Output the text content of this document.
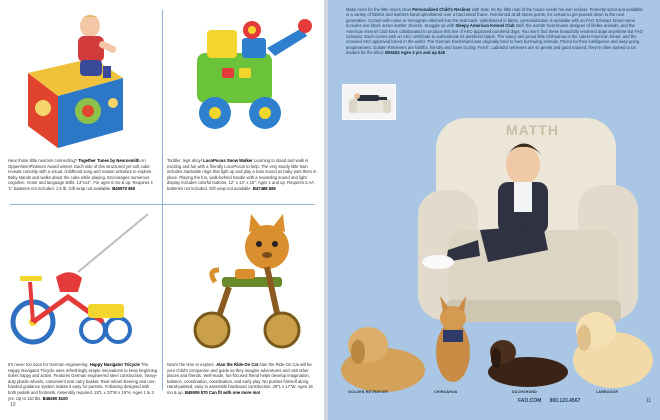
Hear those little neurons connecting? Together Tunes by Neurosmith An OppenheimPlatinum Award winner. Each side of this structured yet soft cube reveals curiosity with a visual, childhood song and reason activities to explore. Baby stands and walks about the cube while playing. Encourages numerous cognitive, motor and language skills. 13"x14". For ages 6 mo & up. Requires 4 'C' batteries not included. 1.5 lb. Gift wrap not available. B45570 $60
Toddler, legs ahoy! LocoPocus Snow Walker Learning to stand and walk is exciting and fun with a friendly LocoPocus to help. The very sturdy little train includes stackable rings that light up and play a train sound as baby puts them in place. Playing the fun, walk-behind handle with a rewarding sound and light display includes colorful buttons. 12" x 14" x 15". Ages 1 and up. Requires 3 AA batteries not included. Gift wrap not available. B47488 $65
It's never too soon for German engineering. Happy Navigator Tricycle The Happy Navigator Tricycle uses refreshingly simple innovations to keep beginning riders happy and active. Features German engineered steel construction, heavy-duty plastic wheels, convenient rear carry basket. Rear-wheel steering and one-handed guidance system makes it easy for parents. Following designed with both pedals and footrests. Assembly required. 18"L x 23"W x 19"H. Ages 1 to 3 yrs. Up to 110 lbs. B48490 $100
Now's the time to explore. Alan the Ride-On Cat Alan the Ride-On Cat will be your child's companion and guide as they imagine adventures and visit other places and friends. Well-made, fun-focused friend helps develop imagination, balance, coordination, coordination, and early play. No pushes himself along. Hand-painted, easy to assemble hardwood construction. 29"L x 17"W. Ages 18 mo & up. B49009 $70 Can fit with one more mo!
10
Make room for the little man's chair Personalized Child's Recliner with Sale. Its the little man of the house needs his own recliner. Perfectly sized and available in a variety of fabrics and leathers hand-upholstered over a hard wood frame. Reinforced at all stress points, it's certain to get passed down to the next generation. Comes with name or monogram stitched into the seat back. Upholstered in fabric, personalization is available with an FAO Schwarz brand name. Includes one fabric & two leather choices. Snuggle up with Sleepy American Kennel Club stuff, the worlds' best known designer of lifelike animals, and the American Kennel Club have collaborated to produce this line of AKC-approved purebred dogs. You won't find these beautifully rendered dogs anywhere but FAO Schwarz. Each comes with an AKC certificate to authenticate its purebred status. The saucy and proud little Chihuahua is the cutest American breed, and the crowned AKC-approved breed in the world. The German Dachshund was originally bred to hunt burrowing animals. Prized for their intelligence and easy-going temperament, Golden Retrievers are faithful, friendly and loves to play 'Fetch'. Labrador retrievers are so gentle and good natured, they're often trained to be leaders for the blind. B55282 Ages 3 yrs and up $45
MATTH
GOLDEN RETRIEVER	CHIHUAHUA	DACHSHUND	LABRADOR
FAO.COM 800.123.4567	11
